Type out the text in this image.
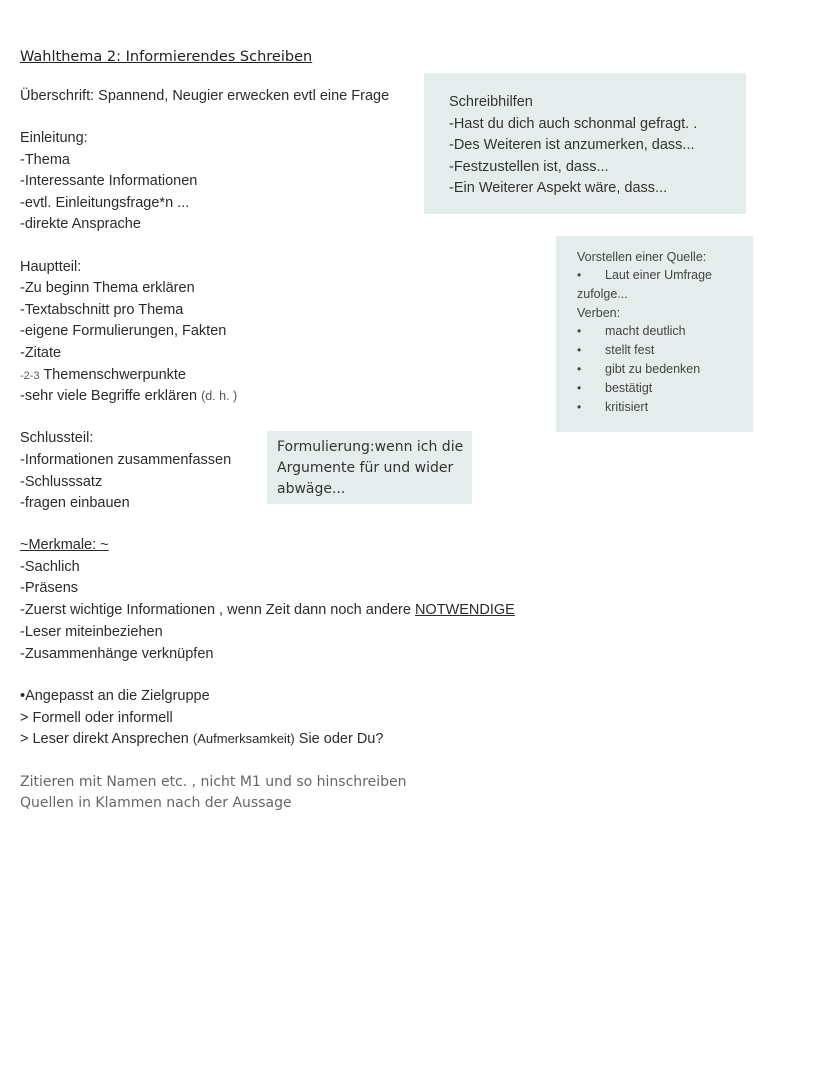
Wahlthema 2: Informierendes Schreiben
Überschrift: Spannend, Neugier erwecken evtl eine Frage
Einleitung:
-Thema
-Interessante Informationen
-evtl. Einleitungsfrage*n ...
-direkte Ansprache
Hauptteil:
-Zu beginn Thema erklären
-Textabschnitt pro Thema
-eigene Formulierungen, Fakten
-Zitate
-2-3 Themenschwerpunkte
-sehr viele Begriffe erklären (d. h. )
Schlussteil:
-Informationen zusammenfassen
-Schlusssatz
-fragen einbauen
~Merkmale: ~
-Sachlich
-Präsens
-Zuerst wichtige Informationen , wenn Zeit dann noch andere NOTWENDIGE
-Leser miteinbeziehen
-Zusammenhänge verknüpfen
•Angepasst an die Zielgruppe
> Formell oder informell
> Leser direkt Ansprechen (Aufmerksamkeit) Sie oder Du?
Zitieren mit Namen etc. , nicht M1 und so hinschreiben
Quellen in Klammen nach der Aussage
Schreibhilfen
-Hast du dich auch schonmal gefragt. .
-Des Weiteren ist anzumerken, dass...
-Festzustellen ist, dass...
-Ein Weiterer Aspekt wäre, dass...
Vorstellen einer Quelle:
• Laut einer Umfrage
zufolge...
Verben:
• macht deutlich
• stellt fest
• gibt zu bedenken
• bestätigt
• kritisiert
Formulierung:wenn ich die
Argumente für und wider
abwäge...
